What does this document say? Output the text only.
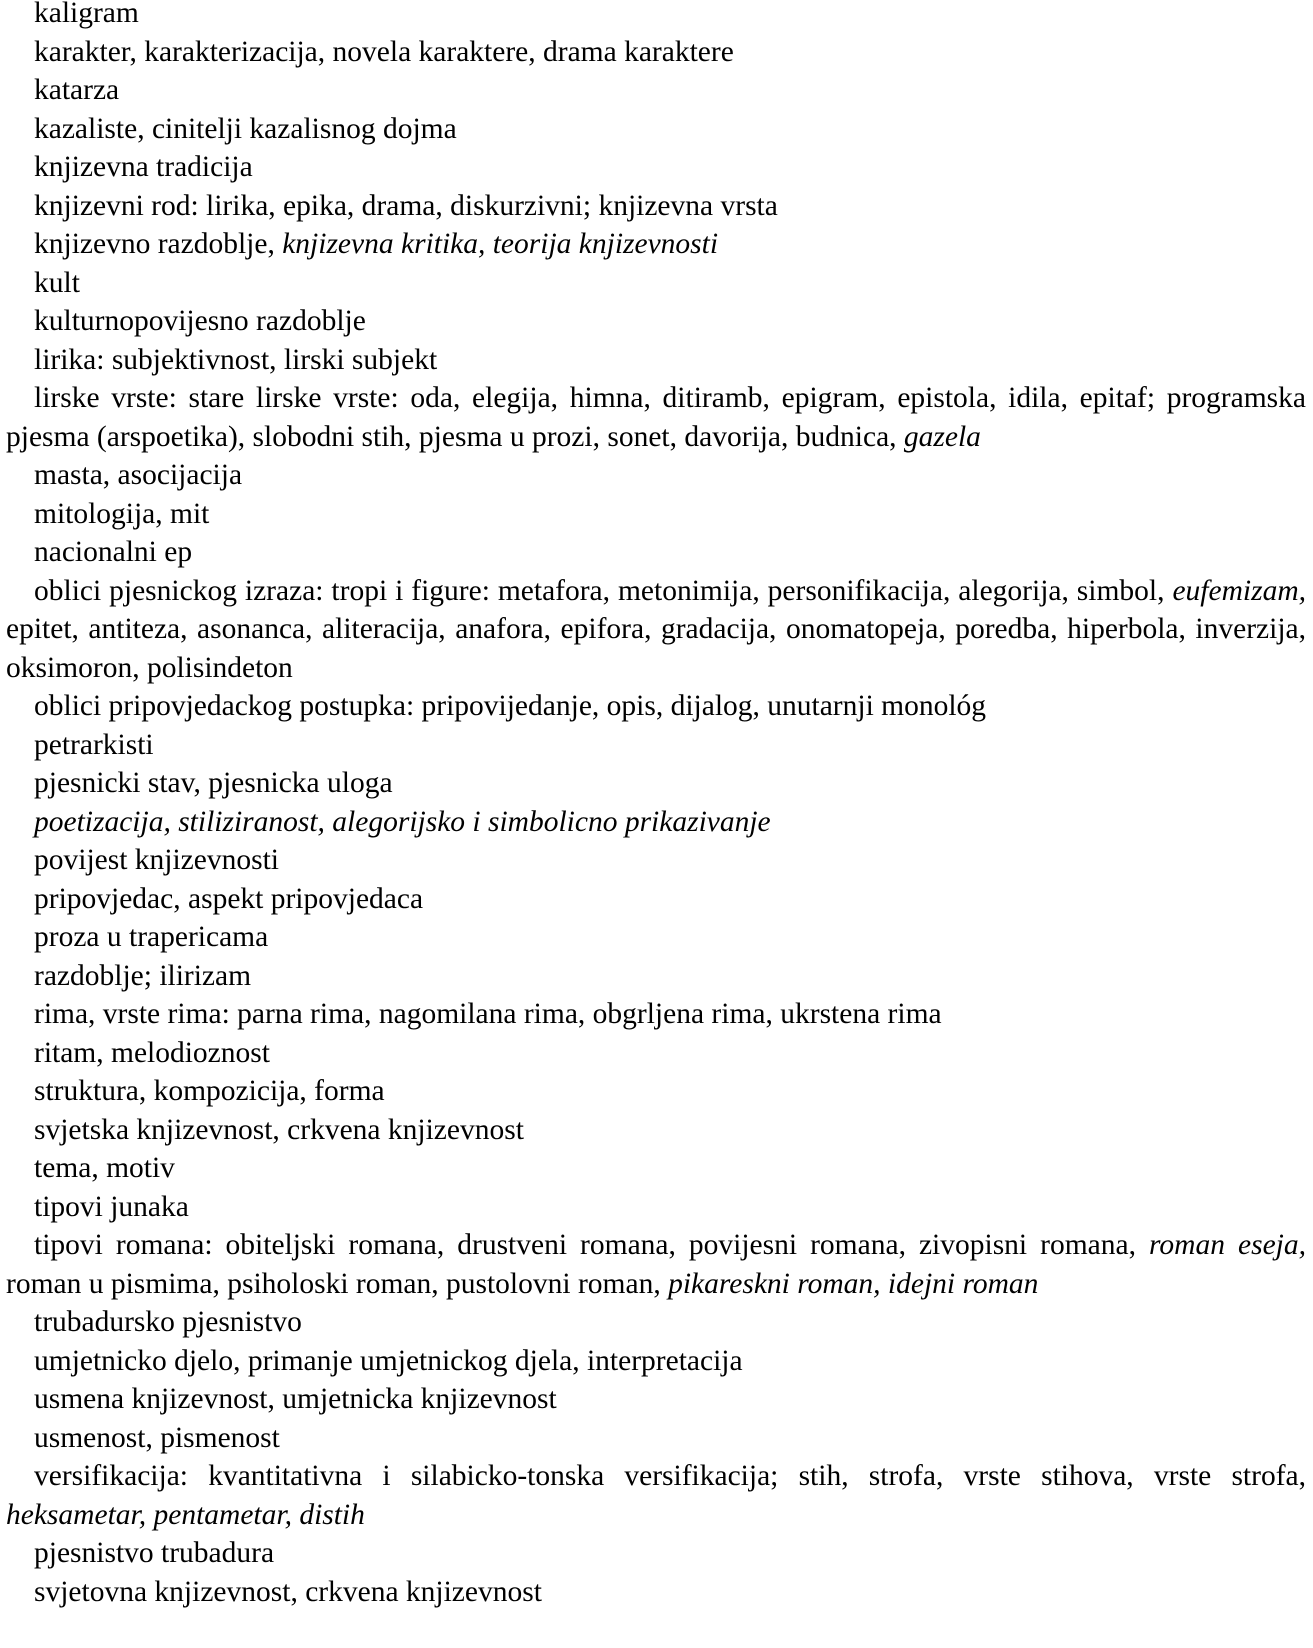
kaligram

karakter, karakterizacija, novela karaktere, drama karaktere

katarza

kazaliste, cinitelji kazalisnog dojma

knjizevna tradicija

knjizevni rod: lirika, epika, drama, diskurzivni; knjizevna vrsta

knjizevno razdoblje, knjizevna kritika, teorija knjizevnosti

kult

kulturnopovijesno razdoblje

lirika: subjektivnost, lirski subjekt

lirske vrste: stare lirske vrste: oda, elegija, himna, ditiramb, epigram, epistola, idila, epitaf; programska pjesma (arspoetika), slobodni stih, pjesma u prozi, sonet, davorija, budnica, gazela

masta, asocijacija

mitologija, mit

nacionalni ep

oblici pjesnickog izraza: tropi i figure: metafora, metonimija, personifikacija, alegorija, simbol, eufemizam, epitet, antiteza, asonanca, aliteracija, anafora, epifora, gradacija, onomatopeja, poredba, hiperbola, inverzija, oksimoron, polisindeton

oblici pripovjedackog postupka: pripovijedanje, opis, dijalog, unutarnji monológ

petrarkisti

pjesnicki stav, pjesnicka uloga

poetizacija, stiliziranost, alegorijsko i simbolicno prikazivanje

povijest knjizevnosti

pripovjedac, aspekt pripovjedaca

proza u trapericama

razdoblje; ilirizam

rima, vrste rima: parna rima, nagomilana rima, obgrljena rima, ukrstena rima

ritam, melodioznost

struktura, kompozicija, forma

svjetska knjizevnost, crkvena knjizevnost

tema, motiv

tipovi junaka

tipovi romana: obiteljski romana, drustveni romana, povijesni romana, zivopisni romana, roman eseja, roman u pismima, psiholoski roman, pustolovni roman, pikareskni roman, idejni roman

trubadursko pjesnistvo

umjetnicko djelo, primanje umjetnickog djela, interpretacija

usmena knjizevnost, umjetnicka knjizevnost

usmenost, pismenost

versifikacija: kvantitativna i silabicko-tonska versifikacija; stih, strofa, vrste stihova, vrste strofa, heksametar, pentametar, distih

pjesnistvo trubadura

svjetovna knjizevnost, crkvena knjizevnost
